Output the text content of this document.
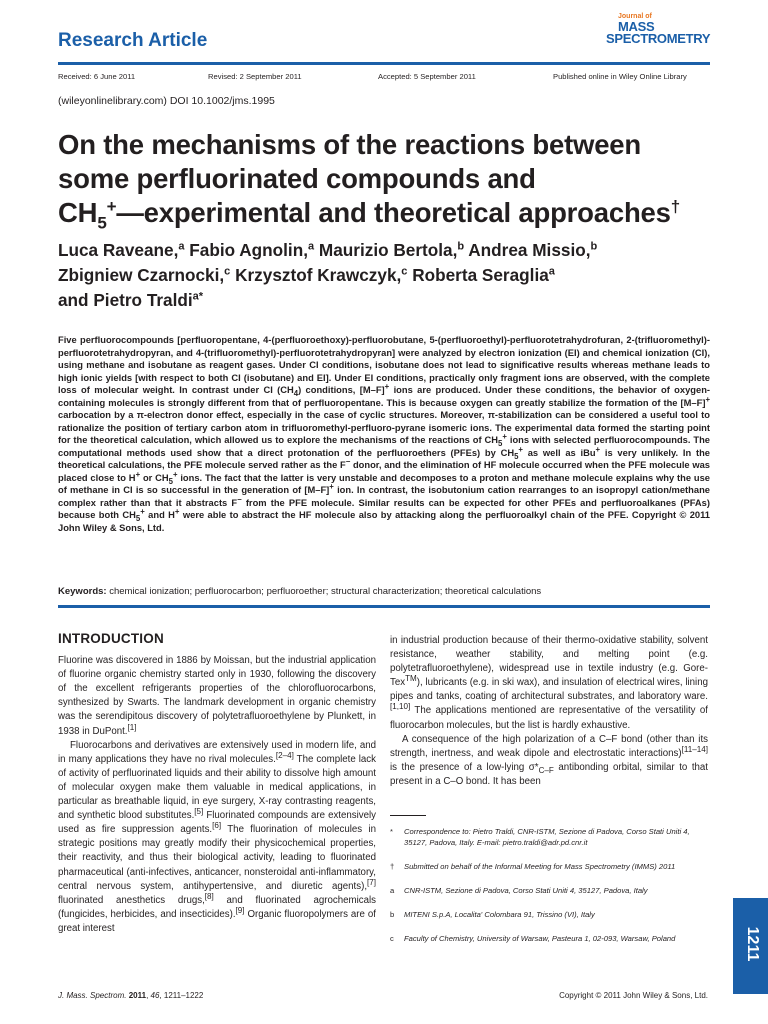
Research Article
Journal of
MASS
SPECTROMETRY
Received: 6 June 2011	Revised: 2 September 2011	Accepted: 5 September 2011	Published online in Wiley Online Library
(wileyonlinelibrary.com) DOI 10.1002/jms.1995
On the mechanisms of the reactions between
some perfluorinated compounds and
$CH_5^+—experimental$ and theoretical approaches†
Luca Raveane,$^a$ Fabio Agnolin,$^a$ Maurizio Bertola,$^b$ Andrea Missio,$^b$
Zbigniew Czarnocki,$^c$ Krzysztof Krawczyk,$^c$ Roberta Seraglia$^a$
and Pietro Traldi$^{a*}$

Five perfluorocompounds [perfluoropentane, 4-(perfluoroethoxy)-perfluorobutane, 5-(perfluoroethyl)-perfluorotetrahydrofuran, 2-(trifluoromethyl)-perfluorotetrahydropyran, and 4-(trifluoromethyl)-perfluorotetrahydropyran] were analyzed by electron ionization (EI) and chemical ionization (CI), using methane and isobutane as reagent gases. Under CI conditions, isobutane does not lead to significative results whereas methane leads to high ionic yields [with respect to both CI (isobutane) and EI]. Under EI conditions, practically only fragment ions are observed, with the complete loss of molecular weight. In contrast under CI $(CH_4)$ conditions, [M–F]+ ions are produced. Under these conditions, the behavior of oxygen-containing molecules is strongly different from that of perfluoropentane. This is because oxygen can greatly stabilize the formation of the [M–F]+ carbocation by a π-electron donor effect, especially in the case of cyclic structures. Moreover, π-stabilization can be considered a useful tool to rationalize the position of tertiary carbon atom in trifluoromethyl-perfluoro-pyrane isomeric ions. The experimental data formed the starting point for the theoretical calculation, which allowed us to explore the mechanisms of the reactions of $CH_5^+$ ions with selected perfluorocompounds. The computational methods used show that a direct protonation of the perfluoroethers (PFEs) by $CH_5^+$ as well as iBu+ is very unlikely. In the theoretical calculations, the PFE molecule served rather as the F− donor, and the elimination of HF molecule occurred when the PFE molecule was placed close to H+ or $CH_5^+$ ions. The fact that the latter is very unstable and decomposes to a proton and methane molecule explains why the use of methane in CI is so successful in the generation of [M–F]+ ion. In contrast, the isobutonium cation rearranges to an isopropyl cation/methane complex rather than that it abstracts F− from the PFE molecule. Similar results can be expected for other PFEs and perfluoroalkanes (PFAs) because both $CH_5^+$ and H+ were able to abstract the HF molecule also by attacking along the perfluoroalkyl chain of the PFE. Copyright © 2011 John Wiley & Sons, Ltd.

Keywords: chemical ionization; perfluorocarbon; perfluoroether; structural characterization; theoretical calculations
INTRODUCTION

Fluorine was discovered in 1886 by Moissan, but the industrial application of fluorine organic chemistry started only in 1930, following the discovery of the excellent refrigerants properties of the chlorofluorocarbons, synthesized by Swarts. The landmark development in organic chemistry was the serendipitous discovery of polytetrafluoroethylene by Plunkett, in 1938 in DuPont.[1]

Fluorocarbons and derivatives are extensively used in modern life, and in many applications they have no rival molecules.[2–4] The complete lack of activity of perfluorinated liquids and their ability to dissolve high amount of molecular oxygen make them valuable in medical applications, in particular as breathable liquid, in eye surgery, X-ray contrasting reagents, and synthetic blood substitutes.[5] Fluorinated compounds are extensively used as fire suppression agents.[6] The fluorination of molecules in strategic positions may greatly modify their physicochemical properties, their reactivity, and thus their biological activity, leading to fluorinated pharmaceutical (anti-infectives, anticancer, nonsteroidal anti-inflammatory, central nervous system, antihypertensive, and diuretic agents),[7] fluorinated anesthetics drugs,[8] and fluorinated agrochemicals (fungicides, herbicides, and insecticides).[9] Organic fluoropolymers are of great interest

in industrial production because of their thermo-oxidative stability, solvent resistance, weather stability, and melting point (e.g. polytetrafluoroethylene), widespread use in textile industry (e.g. Gore-Tex™), lubricants (e.g. in ski wax), and insulation of electrical wires, lining pipes and tanks, coating of architectural substrates, and laboratory ware.[1,10] The applications mentioned are representative of the versatility of fluorocarbon molecules, but the list is hardly exhaustive.

A consequence of the high polarization of a C–F bond (other than its strength, inertness, and weak dipole and electrostatic interactions)[11–14] is the presence of a low-lying $\sigma*_{C-F}$ antibonding orbital, similar to that present in a C–O bond. It has been

* Correspondence to: Pietro Traldi, CNR-ISTM, Sezione di Padova, Corso Stati Uniti 4, 35127, Padova, Italy. E-mail: pietro.traldi@adr.pd.cnr.it
† Submitted on behalf of the Informal Meeting for Mass Spectrometry (IMMS) 2011
a CNR-ISTM, Sezione di Padova, Corso Stati Uniti 4, 35127, Padova, Italy
b MITENI S.p.A, Localita' Colombara 91, Trissino (VI), Italy
c Faculty of Chemistry, University of Warsaw, Pasteura 1, 02-093, Warsaw, Poland
J. Mass. Spectrom. 2011, 46, 1211–1222	Copyright © 2011 John Wiley & Sons, Ltd.
1211
